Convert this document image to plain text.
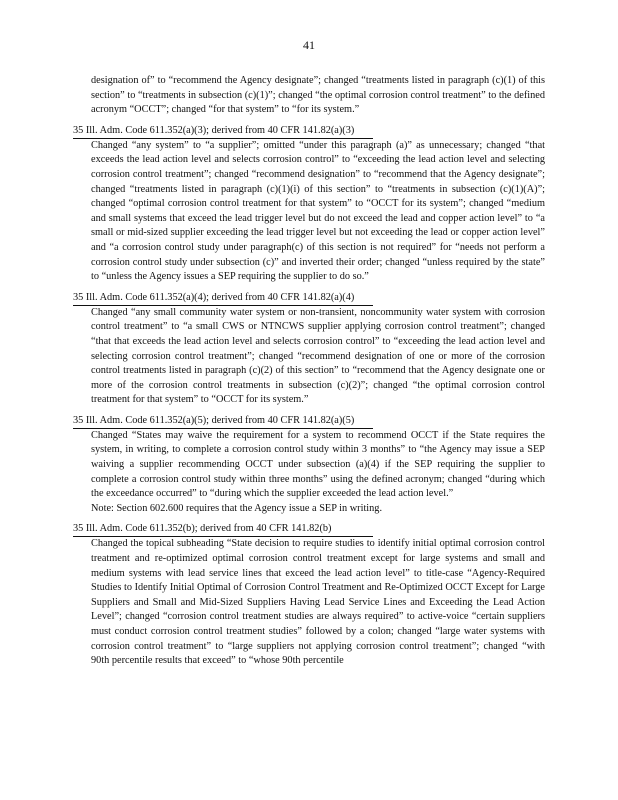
41

designation of” to “recommend the Agency designate”; changed “treatments listed in paragraph (c)(1) of this section” to “treatments in subsection (c)(1)”; changed “the optimal corrosion control treatment” to the defined acronym “OCCT”; changed “for that system” to “for its system.”

35 Ill. Adm. Code 611.352(a)(3); derived from 40 CFR 141.82(a)(3)

Changed “any system” to “a supplier”; omitted “under this paragraph (a)” as unnecessary; changed “that exceeds the lead action level and selects corrosion control” to “exceeding the lead action level and selecting corrosion control treatment”; changed “recommend designation” to “recommend that the Agency designate”; changed “treatments listed in paragraph (c)(1)(i) of this section” to “treatments in subsection (c)(1)(A)”; changed “optimal corrosion control treatment for that system” to “OCCT for its system”; changed “medium and small systems that exceed the lead trigger level but do not exceed the lead and copper action level” to “a small or mid-sized supplier exceeding the lead trigger level but not exceeding the lead or copper action level” and “a corrosion control study under paragraph(c) of this section is not required” for “needs not perform a corrosion control study under subsection (c)” and inverted their order; changed “unless required by the state” to “unless the Agency issues a SEP requiring the supplier to do so.”

35 Ill. Adm. Code 611.352(a)(4); derived from 40 CFR 141.82(a)(4)

Changed “any small community water system or non-transient, noncommunity water system with corrosion control treatment” to “a small CWS or NTNCWS supplier applying corrosion control treatment”; changed “that that exceeds the lead action level and selects corrosion control” to “exceeding the lead action level and selecting corrosion control treatment”; changed “recommend designation of one or more of the corrosion control treatments listed in paragraph (c)(2) of this section” to “recommend that the Agency designate one or more of the corrosion control treatments in subsection (c)(2)”; changed “the optimal corrosion control treatment for that system” to “OCCT for its system.”

35 Ill. Adm. Code 611.352(a)(5); derived from 40 CFR 141.82(a)(5)

Changed “States may waive the requirement for a system to recommend OCCT if the State requires the system, in writing, to complete a corrosion control study within 3 months” to “the Agency may issue a SEP waiving a supplier recommending OCCT under subsection (a)(4) if the SEP requiring the supplier to complete a corrosion control study within three months” using the defined acronym; changed “during which the exceedance occurred” to “during which the supplier exceeded the lead action level.”

Note: Section 602.600 requires that the Agency issue a SEP in writing.

35 Ill. Adm. Code 611.352(b); derived from 40 CFR 141.82(b)

Changed the topical subheading “State decision to require studies to identify initial optimal corrosion control treatment and re-optimized optimal corrosion control treatment except for large systems and small and medium systems with lead service lines that exceed the lead action level” to title-case “Agency-Required Studies to Identify Initial Optimal of Corrosion Control Treatment and Re-Optimized OCCT Except for Large Suppliers and Small and Mid-Sized Suppliers Having Lead Service Lines and Exceeding the Lead Action Level”; changed “corrosion control treatment studies are always required” to active-voice “certain suppliers must conduct corrosion control treatment studies” followed by a colon; changed “large water systems with corrosion control treatment” to “large suppliers not applying corrosion control treatment”; changed “with 90th percentile results that exceed” to “whose 90th percentile
